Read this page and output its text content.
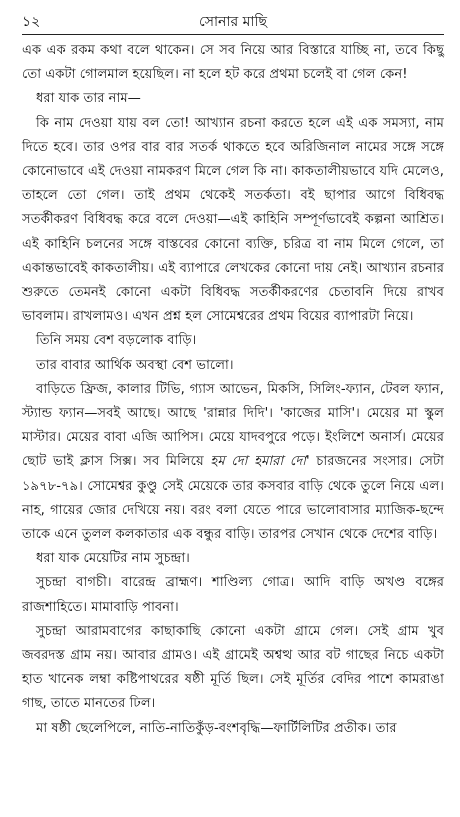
১২	সোনার মাছি

এক এক রকম কথা বলে থাকেন। সে সব নিয়ে আর বিস্তারে যাচ্ছি না, তবে কিছু তো একটা গোলমাল হয়েছিল। না হলে হট করে প্রথমা চলেই বা গেল কেন!

ধরা যাক তার নাম—

কি নাম দেওয়া যায় বল তো! আখ্যান রচনা করতে হলে এই এক সমস্যা, নাম দিতে হবে। তার ওপর বার বার সতর্ক থাকতে হবে অরিজিনাল নামের সঙ্গে সঙ্গে কোনোভাবে এই দেওয়া নামকরণ মিলে গেল কি না। কাকতালীয়ভাবে যদি মেলেও, তাহলে তো গেল। তাই প্রথম থেকেই সতর্কতা। বই ছাপার আগে বিধিবদ্ধ সতর্কীকরণ বিধিবদ্ধ করে বলে দেওয়া—এই কাহিনি সম্পূর্ণভাবেই কল্পনা আশ্রিত। এই কাহিনি চলনের সঙ্গে বাস্তবের কোনো ব্যক্তি, চরিত্র বা নাম মিলে গেলে, তা একান্তভাবেই কাকতালীয়। এই ব্যাপারে লেখকের কোনো দায় নেই। আখ্যান রচনার শুরুতে তেমনই কোনো একটা বিধিবদ্ধ সতর্কীকরণের চেতাবনি দিয়ে রাখব ভাবলাম। রাখলামও। এখন প্রশ্ন হল সোমেশ্বরের প্রথম বিয়ের ব্যাপারটা নিয়ে।

তিনি সময় বেশ বড়লোক বাড়ি।

তার বাবার আর্থিক অবস্থা বেশ ভালো।

বাড়িতে ফ্রিজ, কালার টিভি, গ্যাস আভেন, মিকসি, সিলিং-ফ্যান, টেবল ফ্যান, স্ট্যান্ড ফ্যান—সবই আছে। আছে 'রান্নার দিদি'। 'কাজের মাসি'। মেয়ের মা স্কুল মাস্টার। মেয়ের বাবা এজি আপিস। মেয়ে যাদবপুরে পড়ে। ইংলিশে অনার্স। মেয়ের ছোট ভাই ক্লাস সিক্স। সব মিলিয়ে হম দো হমারা দো' চারজনের সংসার। সেটা ১৯৭৮-৭৯। সোমেশ্বর কুণ্ডু সেই মেয়েকে তার কসবার বাড়ি থেকে তুলে নিয়ে এল। নাহ, গায়ের জোর দেখিয়ে নয়। বরং বলা যেতে পারে ভালোবাসার ম্যাজিক-ছন্দে তাকে এনে তুলল কলকাতার এক বন্ধুর বাড়ি। তারপর সেখান থেকে দেশের বাড়ি।

ধরা যাক মেয়েটির নাম সুচন্দ্রা।

সুচন্দ্রা বাগচী। বারেন্দ্র ব্রাহ্মণ। শাণ্ডিল্য গোত্র। আদি বাড়ি অখণ্ড বঙ্গের রাজশাহিতে। মামাবাড়ি পাবনা।

সুচন্দ্রা আরামবাগের কাছাকাছি কোনো একটা গ্রামে গেল। সেই গ্রাম খুব জবরদস্ত গ্রাম নয়। আবার গ্রামও। এই গ্রামেই অশ্বত্থ আর বট গাছের নিচে একটা হাত খানেক লম্বা কষ্টিপাথরের ষষ্ঠী মূর্তি ছিল। সেই মূর্তির বেদির পাশে কামরাঙা গাছ, তাতে মানতের ঢিল।

মা ষষ্ঠী ছেলেপিলে, নাতি-নাতিকুঁড়-বংশবৃদ্ধি—ফার্টিলিটির প্রতীক। তার
